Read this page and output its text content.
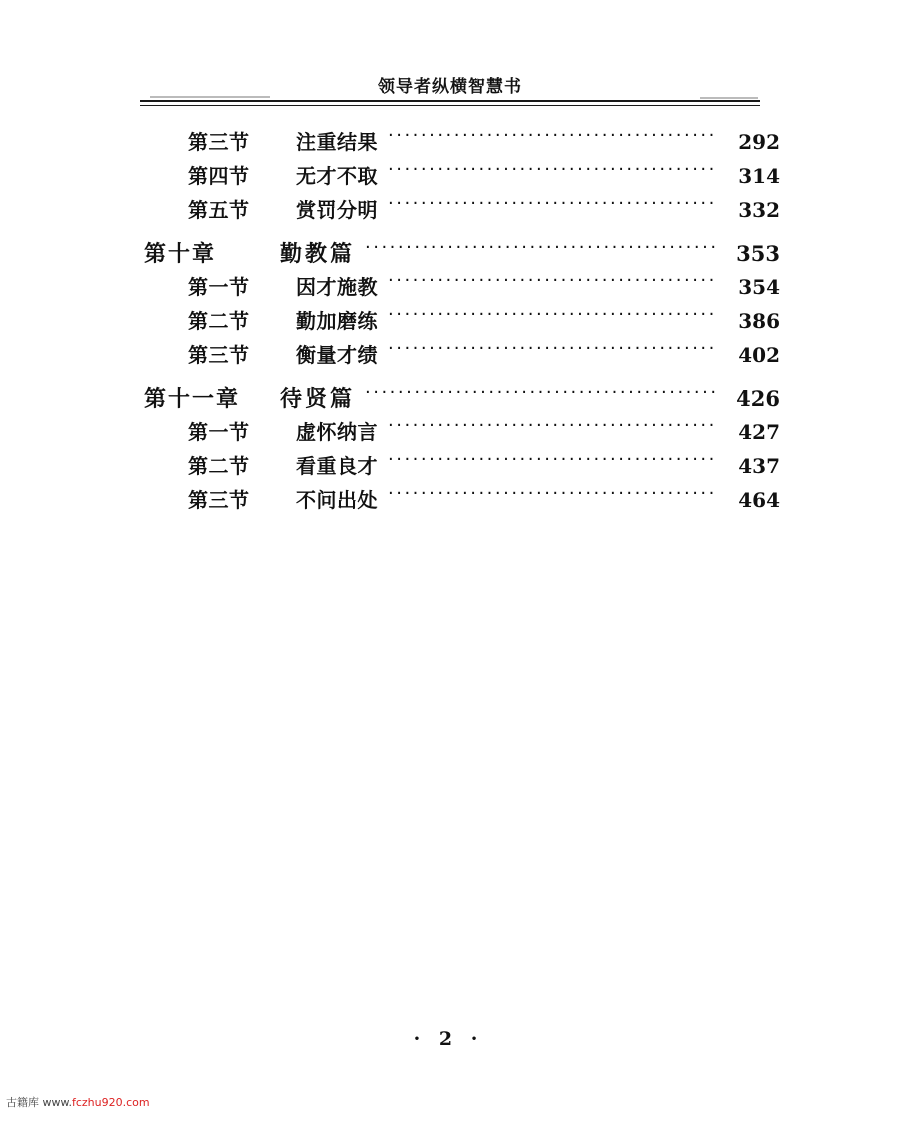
领导者纵横智慧书
第三节	注重结果 ·····	292
第四节	无才不取 ·····	314
第五节	赏罚分明 ·····	332
第十章	勤教篇 ·····	353
第一节	因才施教 ·····	354
第二节	勤加磨练 ·····	386
第三节	衡量才绩 ·····	402
第十一章	待贤篇 ·····	426
第一节	虚怀纳言 ·····	427
第二节	看重良才 ·····	437
第三节	不问出处 ·····	464
· 2 ·
古籍库 www.fczhu920.com
